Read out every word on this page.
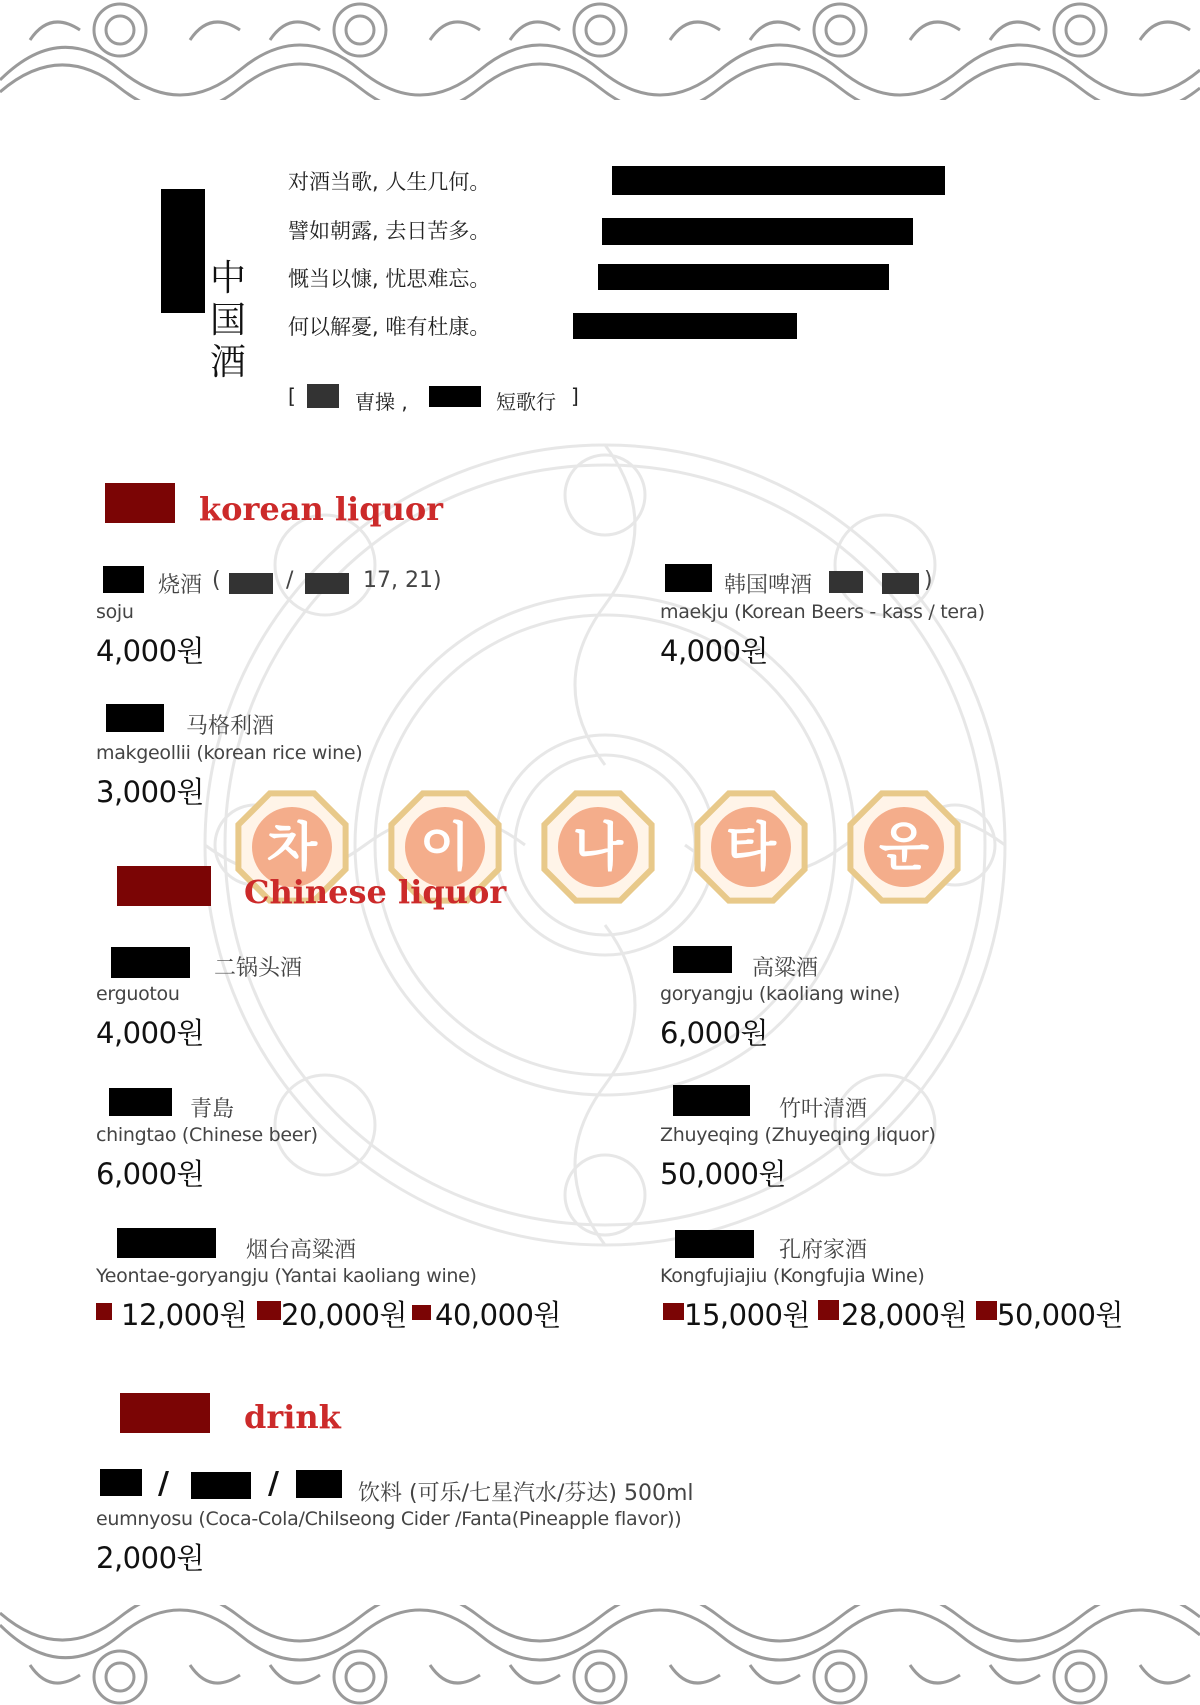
차 이 나 타 운
中
国
酒
对酒当歌, 人生几何。
譬如朝露, 去日苦多。
慨当以慷, 忧思难忘。
何以解憂, 唯有杜康。
[	曺操 ,	短歌行 ]
korean liquor
烧酒 (	/	17, 21)
soju
4,000원
韩国啤酒	)
maekju (Korean Beers - kass / tera)
4,000원
马格利酒
makgeollii (korean rice wine)
3,000원
Chinese liquor
二锅头酒
erguotou
4,000원
高粱酒
goryangju (kaoliang wine)
6,000원
青島
chingtao (Chinese beer)
6,000원
竹叶清酒
Zhuyeqing (Zhuyeqing liquor)
50,000원
烟台高粱酒
Yeontae-goryangju (Yantai kaoliang wine)
12,000원 20,000원 40,000원
孔府家酒
Kongfujiajiu (Kongfujia Wine)
15,000원 28,000원 50,000원
drink
/	/	饮料 (可乐/七星汽水/芬达) 500ml
eumnyosu (Coca-Cola/Chilseong Cider /Fanta(Pineapple flavor))
2,000원
